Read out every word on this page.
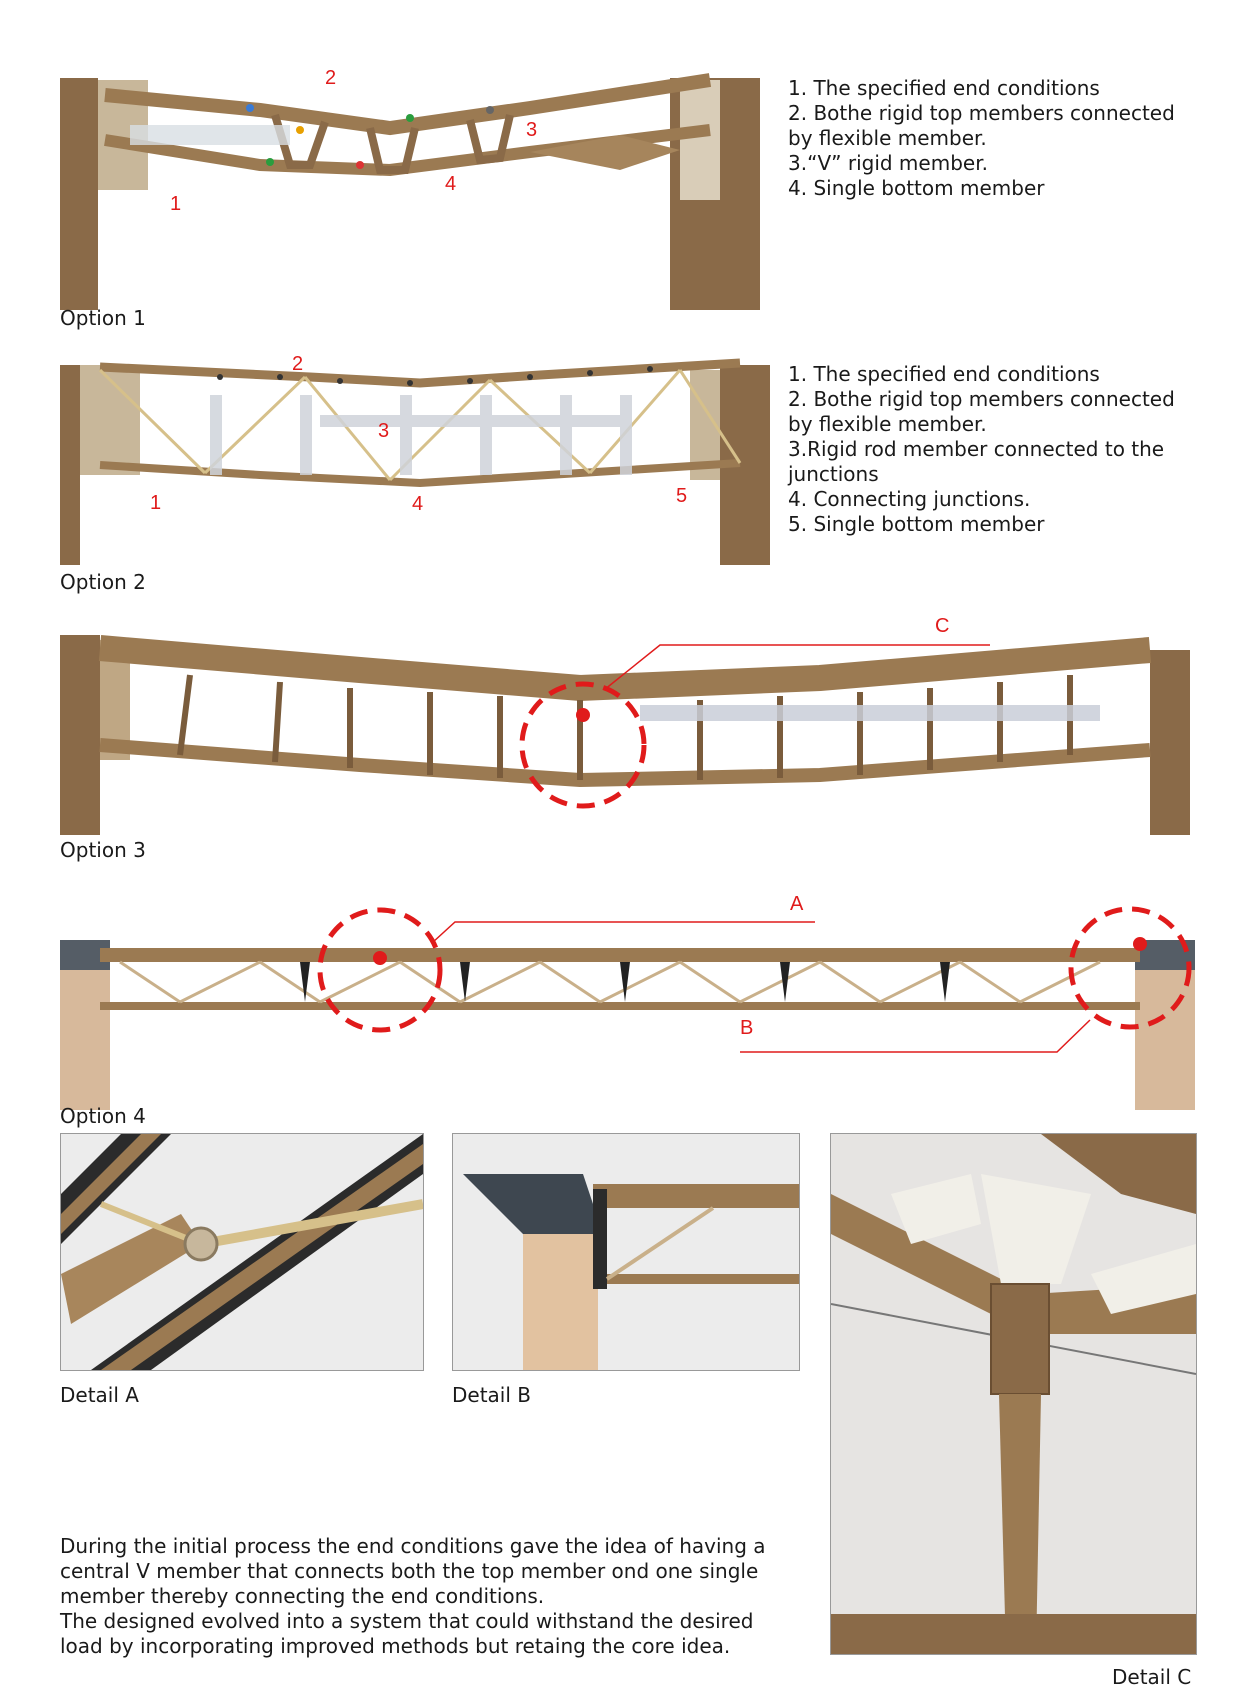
2
3
4
1
Option 1
1. The specified end conditions
2. Bothe rigid top members connected
by flexible member.
3.“V” rigid member.
4. Single bottom member
2
3
1	4	5
Option 2
1. The specified end conditions
2. Bothe rigid top members connected
by flexible member.
3.Rigid rod member connected to the
junctions
4. Connecting junctions.
5. Single bottom member
C
Option 3
A
B
Option 4
Detail A	Detail B
Detail C
During the initial process the end conditions gave the idea of having a
central V member that connects both the top member ond one single
member thereby connecting the end conditions.
The designed evolved into a system that could withstand the desired
load by incorporating improved methods but retaing the core idea.
